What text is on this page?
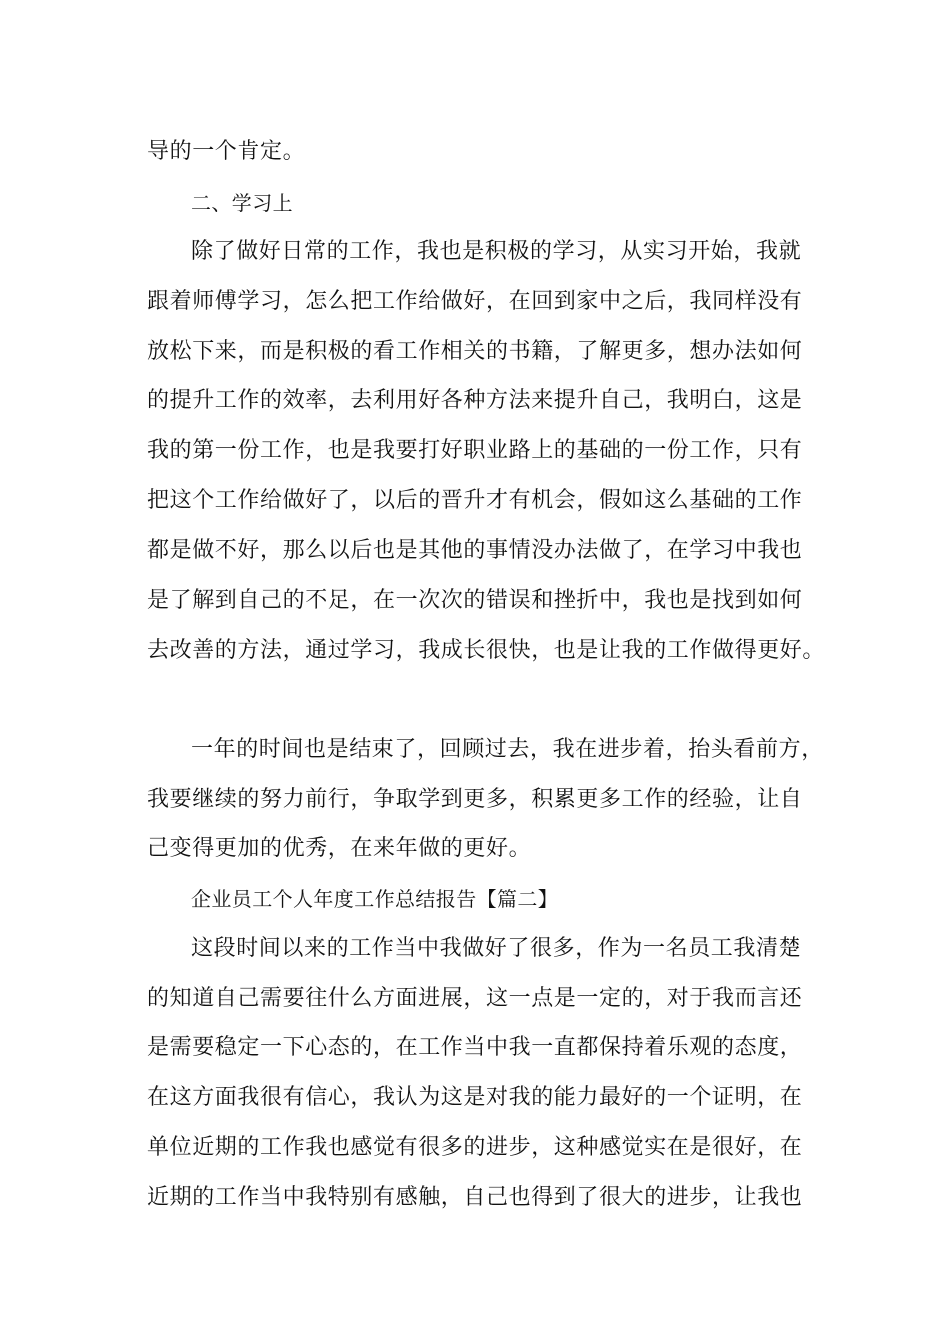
导的一个肯定。
二、学习上
除了做好日常的工作，我也是积极的学习，从实习开始，我就
跟着师傅学习，怎么把工作给做好，在回到家中之后，我同样没有
放松下来，而是积极的看工作相关的书籍，了解更多，想办法如何
的提升工作的效率，去利用好各种方法来提升自己，我明白，这是
我的第一份工作，也是我要打好职业路上的基础的一份工作，只有
把这个工作给做好了，以后的晋升才有机会，假如这么基础的工作
都是做不好，那么以后也是其他的事情没办法做了，在学习中我也
是了解到自己的不足，在一次次的错误和挫折中，我也是找到如何
去改善的方法，通过学习，我成长很快，也是让我的工作做得更好。
一年的时间也是结束了，回顾过去，我在进步着，抬头看前方，
我要继续的努力前行，争取学到更多，积累更多工作的经验，让自
己变得更加的优秀，在来年做的更好。
企业员工个人年度工作总结报告【篇二】
这段时间以来的工作当中我做好了很多，作为一名员工我清楚
的知道自己需要往什么方面进展，这一点是一定的，对于我而言还
是需要稳定一下心态的，在工作当中我一直都保持着乐观的态度，
在这方面我很有信心，我认为这是对我的能力最好的一个证明，在
单位近期的工作我也感觉有很多的进步，这种感觉实在是很好，在
近期的工作当中我特别有感触，自己也得到了很大的进步，让我也
